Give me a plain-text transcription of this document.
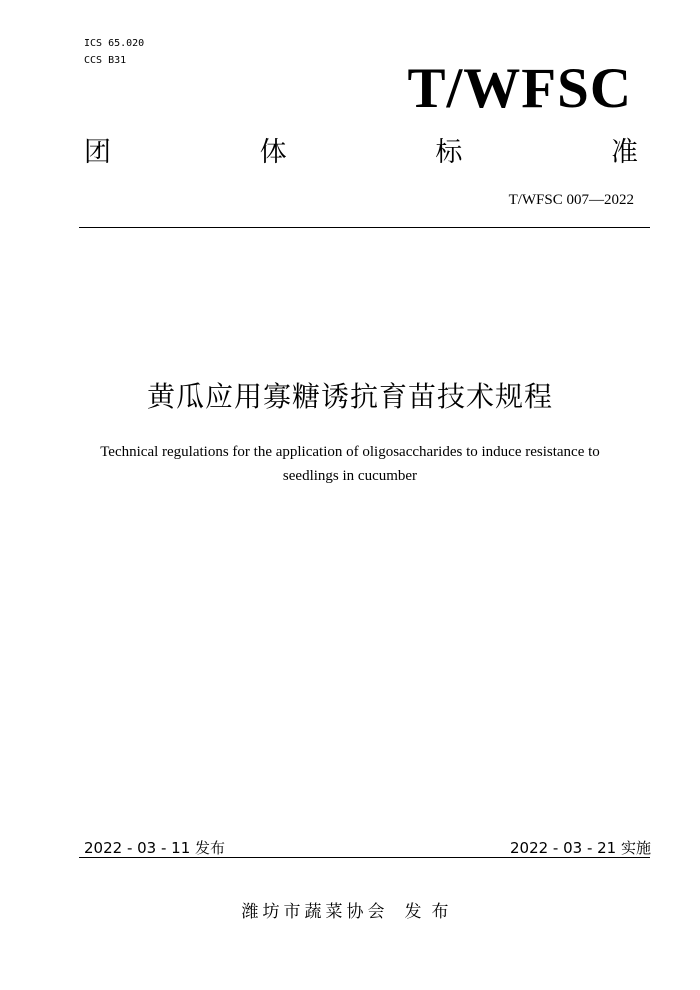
ICS 65.020
CCS B31	T/WFSC
团	体	标	准
T/WFSC 007—2022
黄瓜应用寡糖诱抗育苗技术规程
Technical regulations for the application of oligosaccharides to induce resistance to
seedlings in cucumber
2022 - 03 - 11 发布	2022 - 03 - 21 实施
潍坊市蔬菜协会 发布
